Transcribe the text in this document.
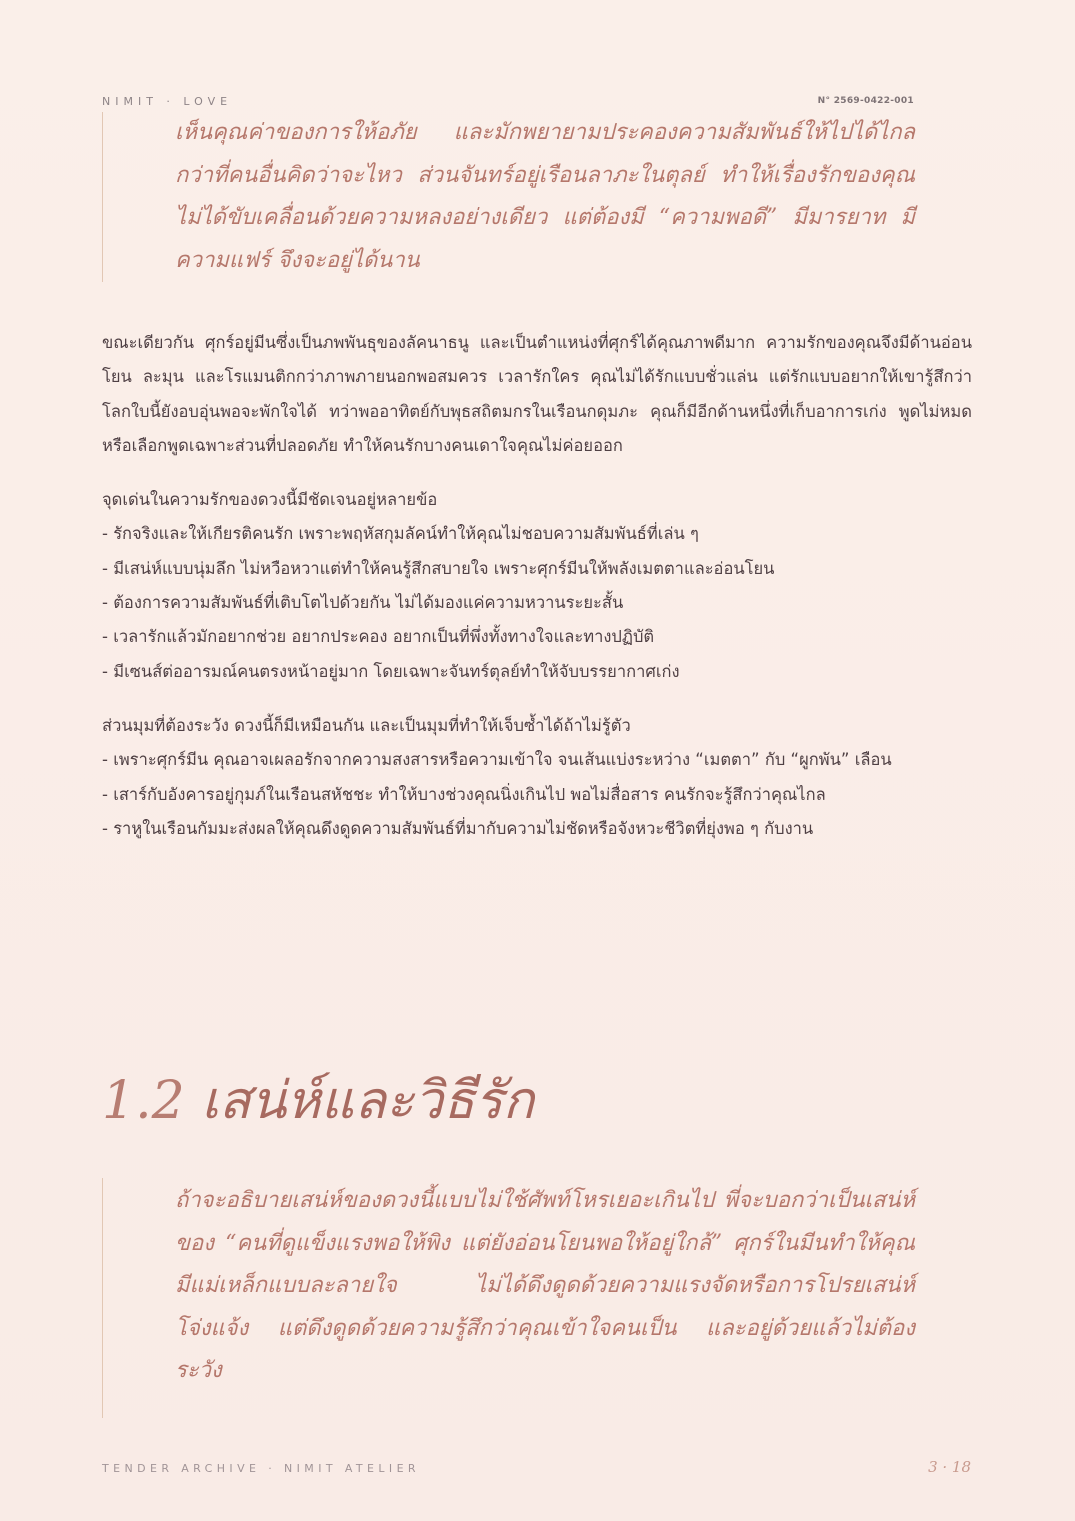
NIMIT · LOVE	N° 2569-0422-001

เห็นคุณค่าของการให้อภัย และมักพยายามประคองความสัมพันธ์ให้ไปได้ไกลกว่าที่คนอื่นคิดว่าจะไหว ส่วนจันทร์อยู่เรือนลาภะในตุลย์ ทำให้เรื่องรักของคุณไม่ได้ขับเคลื่อนด้วยความหลงอย่างเดียว แต่ต้องมี “ความพอดี” มีมารยาท มีความแฟร์ จึงจะอยู่ได้นาน

ขณะเดียวกัน ศุกร์อยู่มีนซึ่งเป็นภพพันธุของลัคนาธนู และเป็นตำแหน่งที่ศุกร์ได้คุณภาพดีมาก ความรักของคุณจึงมีด้านอ่อนโยน ละมุน และโรแมนติกกว่าภาพภายนอกพอสมควร เวลารักใคร คุณไม่ได้รักแบบชั่วแล่น แต่รักแบบอยากให้เขารู้สึกว่าโลกใบนี้ยังอบอุ่นพอจะพักใจได้ ทว่าพออาทิตย์กับพุธสถิตมกรในเรือนกดุมภะ คุณก็มีอีกด้านหนึ่งที่เก็บอาการเก่ง พูดไม่หมด หรือเลือกพูดเฉพาะส่วนที่ปลอดภัย ทำให้คนรักบางคนเดาใจคุณไม่ค่อยออก

จุดเด่นในความรักของดวงนี้มีชัดเจนอยู่หลายข้อ

- รักจริงและให้เกียรติคนรัก เพราะพฤหัสกุมลัคน์ทำให้คุณไม่ชอบความสัมพันธ์ที่เล่น ๆ

- มีเสน่ห์แบบนุ่มลึก ไม่หวือหวาแต่ทำให้คนรู้สึกสบายใจ เพราะศุกร์มีนให้พลังเมตตาและอ่อนโยน

- ต้องการความสัมพันธ์ที่เติบโตไปด้วยกัน ไม่ได้มองแค่ความหวานระยะสั้น

- เวลารักแล้วมักอยากช่วย อยากประคอง อยากเป็นที่พึ่งทั้งทางใจและทางปฏิบัติ

- มีเซนส์ต่ออารมณ์คนตรงหน้าอยู่มาก โดยเฉพาะจันทร์ตุลย์ทำให้จับบรรยากาศเก่ง

ส่วนมุมที่ต้องระวัง ดวงนี้ก็มีเหมือนกัน และเป็นมุมที่ทำให้เจ็บซ้ำได้ถ้าไม่รู้ตัว

- เพราะศุกร์มีน คุณอาจเผลอรักจากความสงสารหรือความเข้าใจ จนเส้นแบ่งระหว่าง “เมตตา” กับ “ผูกพัน” เลือน

- เสาร์กับอังคารอยู่กุมภ์ในเรือนสหัชชะ ทำให้บางช่วงคุณนิ่งเกินไป พอไม่สื่อสาร คนรักจะรู้สึกว่าคุณไกล

- ราหูในเรือนกัมมะส่งผลให้คุณดึงดูดความสัมพันธ์ที่มากับความไม่ชัดหรือจังหวะชีวิตที่ยุ่งพอ ๆ กับงาน

1.2 เสน่ห์และวิธีรัก

ถ้าจะอธิบายเสน่ห์ของดวงนี้แบบไม่ใช้ศัพท์โหรเยอะเกินไป พี่จะบอกว่าเป็นเสน่ห์ของ “คนที่ดูแข็งแรงพอให้พิง แต่ยังอ่อนโยนพอให้อยู่ใกล้” ศุกร์ในมีนทำให้คุณมีแม่เหล็กแบบละลายใจ ไม่ได้ดึงดูดด้วยความแรงจัดหรือการโปรยเสน่ห์โจ่งแจ้ง แต่ดึงดูดด้วยความรู้สึกว่าคุณเข้าใจคนเป็น และอยู่ด้วยแล้วไม่ต้องระวัง

TENDER ARCHIVE · NIMIT ATELIER	3 · 18
